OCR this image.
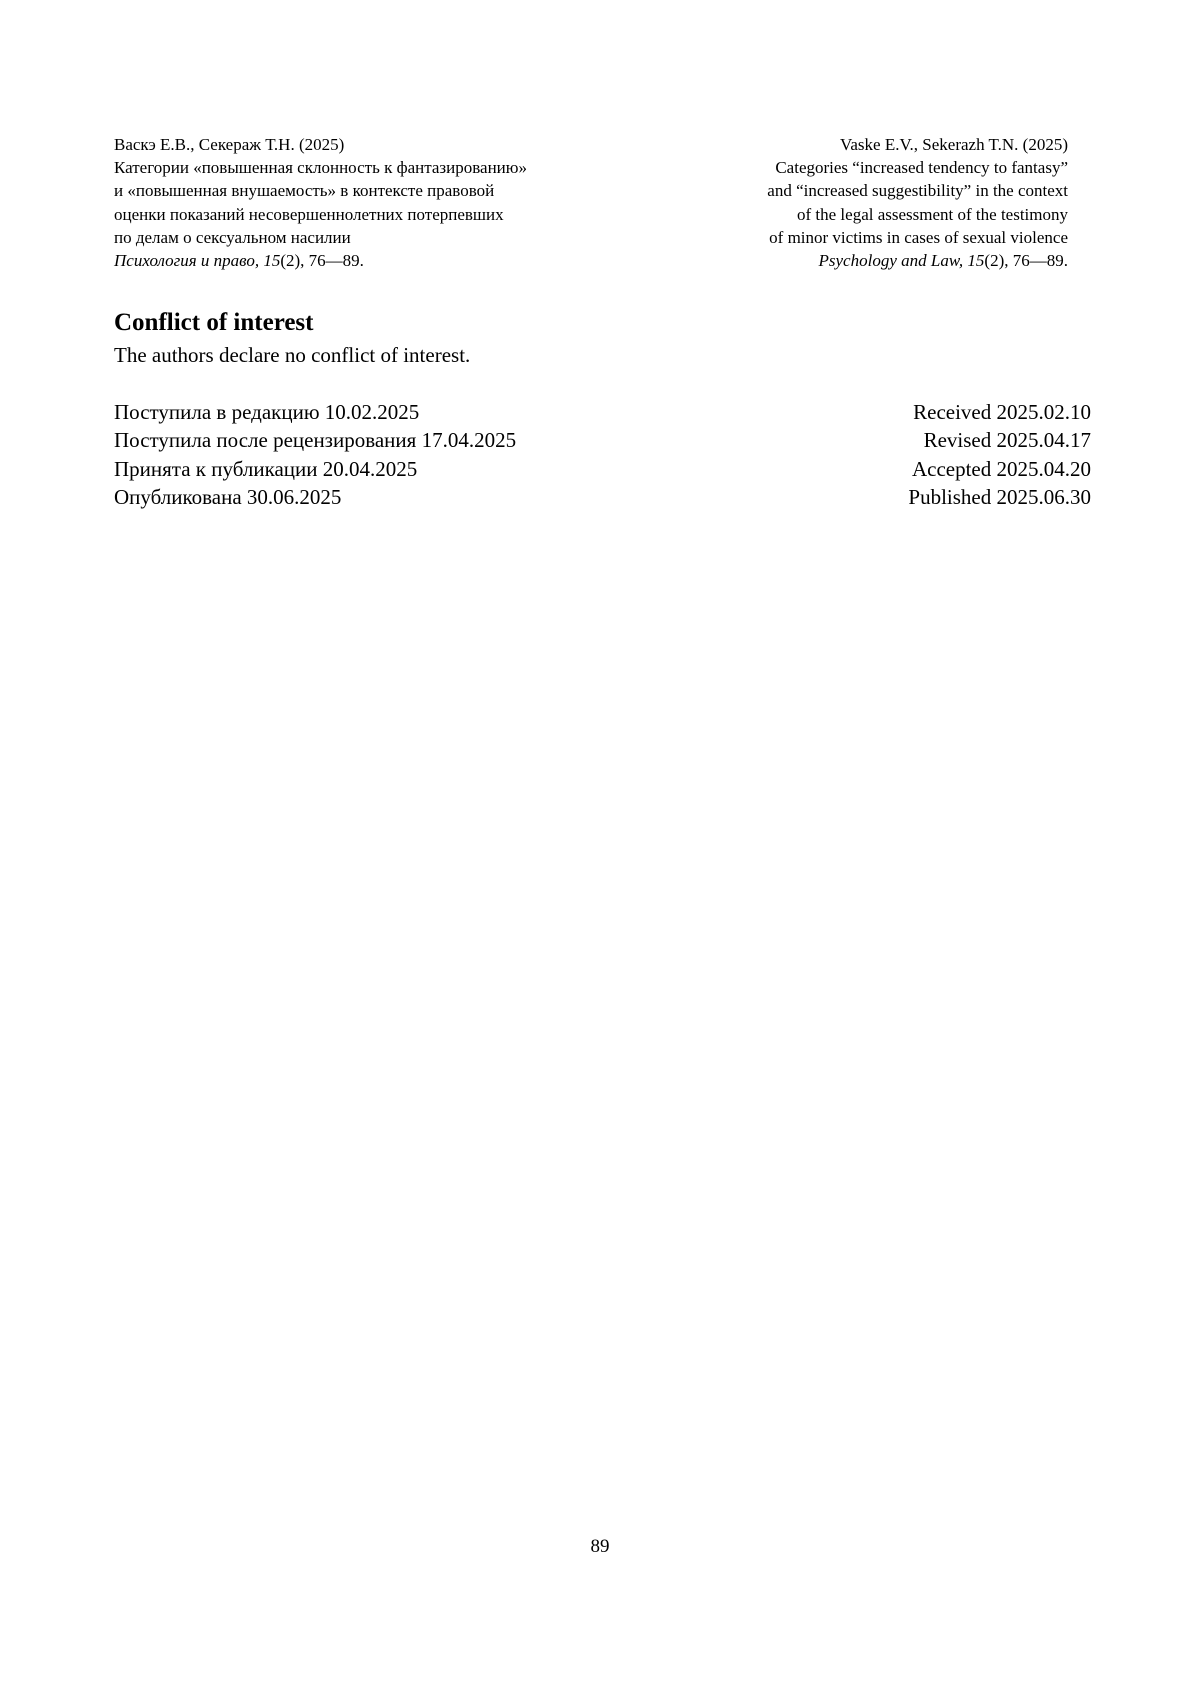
Васкэ Е.В., Секераж Т.Н. (2025)
Категории «повышенная склонность к фантазированию»
и «повышенная внушаемость» в контексте правовой
оценки показаний несовершеннолетних потерпевших
по делам о сексуальном насилии
Психология и право, 15(2), 76—89.
Vaske E.V., Sekerazh T.N. (2025)
Categories “increased tendency to fantasy”
and “increased suggestibility” in the context
of the legal assessment of the testimony
of minor victims in cases of sexual violence
Psychology and Law, 15(2), 76—89.
Conflict of interest

The authors declare no conflict of interest.

Поступила в редакцию 10.02.2025
Поступила после рецензирования 17.04.2025
Принята к публикации 20.04.2025
Опубликована 30.06.2025
Received 2025.02.10
Revised 2025.04.17
Accepted 2025.04.20
Published 2025.06.30
89
